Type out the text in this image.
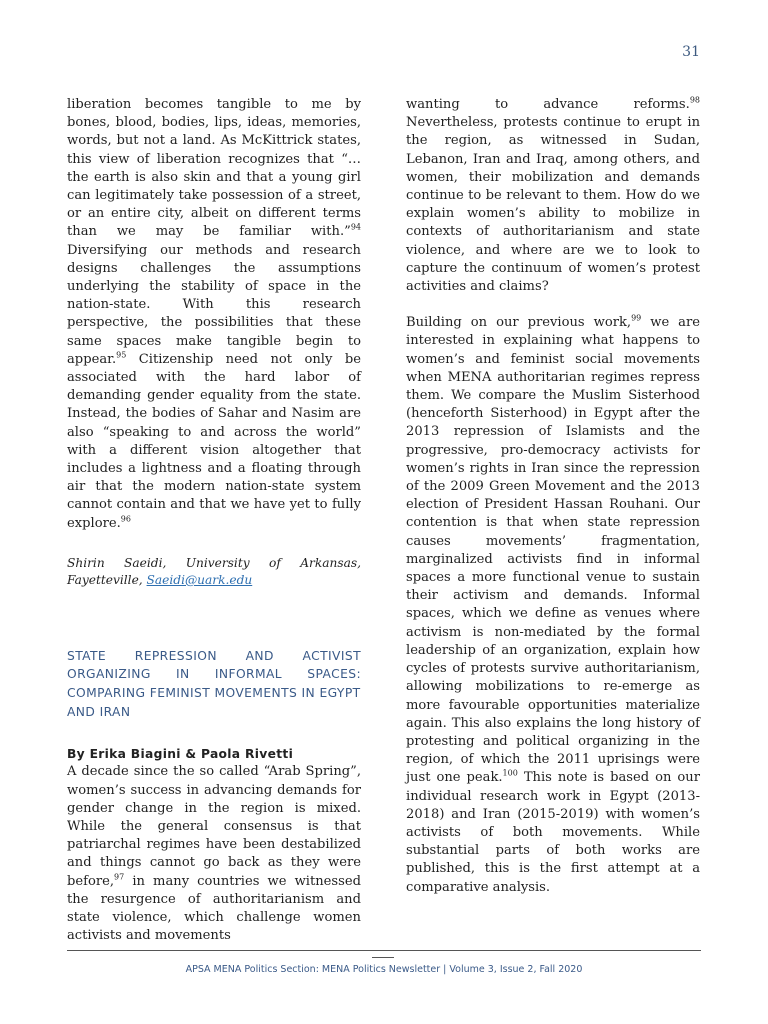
31

liberation becomes tangible to me by bones, blood, bodies, lips, ideas, memories, words, but not a land. As McKittrick states, this view of liberation recognizes that “…the earth is also skin and that a young girl can legitimately take possession of a street, or an entire city, albeit on different terms than we may be familiar with.”$^{94}$ Diversifying our methods and research designs challenges the assumptions underlying the stability of space in the nation-state. With this research perspective, the possibilities that these same spaces make tangible begin to appear.$^{95}$ Citizenship need not only be associated with the hard labor of demanding gender equality from the state. Instead, the bodies of Sahar and Nasim are also “speaking to and across the world” with a different vision altogether that includes a lightness and a floating through air that the modern nation-state system cannot contain and that we have yet to fully explore.$^{96}$

Shirin Saeidi, University of Arkansas, Fayetteville, Saeidi@uark.edu
STATE REPRESSION AND ACTIVIST ORGANIZING IN INFORMAL SPACES: COMPARING FEMINIST MOVEMENTS IN EGYPT
AND IRAN
By Erika Biagini & Paola Rivetti

A decade since the so called “Arab Spring”, women’s success in advancing demands for gender change in the region is mixed. While the general consensus is that patriarchal regimes have been destabilized and things cannot go back as they were before,$^{97}$ in many countries we witnessed the resurgence of authoritarianism and state violence, which challenge women activists and movements

wanting to advance reforms.$^{98}$ Nevertheless, protests continue to erupt in the region, as witnessed in Sudan, Lebanon, Iran and Iraq, among others, and women, their mobilization and demands continue to be relevant to them. How do we explain women’s ability to mobilize in contexts of authoritarianism and state violence, and where are we to look to capture the continuum of women’s protest activities and claims?

Building on our previous work,$^{99}$ we are interested in explaining what happens to women’s and feminist social movements when MENA authoritarian regimes repress them. We compare the Muslim Sisterhood (henceforth Sisterhood) in Egypt after the 2013 repression of Islamists and the progressive, pro-democracy activists for women’s rights in Iran since the repression of the 2009 Green Movement and the 2013 election of President Hassan Rouhani. Our contention is that when state repression causes movements’ fragmentation, marginalized activists find in informal spaces a more functional venue to sustain their activism and demands. Informal spaces, which we define as venues where activism is non-mediated by the formal leadership of an organization, explain how cycles of protests survive authoritarianism, allowing mobilizations to re-emerge as more favourable opportunities materialize again. This also explains the long history of protesting and political organizing in the region, of which the 2011 uprisings were just one peak.$^{100}$ This note is based on our individual research work in Egypt (2013-2018) and Iran (2015-2019) with women’s activists of both movements. While substantial parts of both works are published, this is the first attempt at a comparative analysis.

APSA MENA Politics Section: MENA Politics Newsletter | Volume 3, Issue 2, Fall 2020
